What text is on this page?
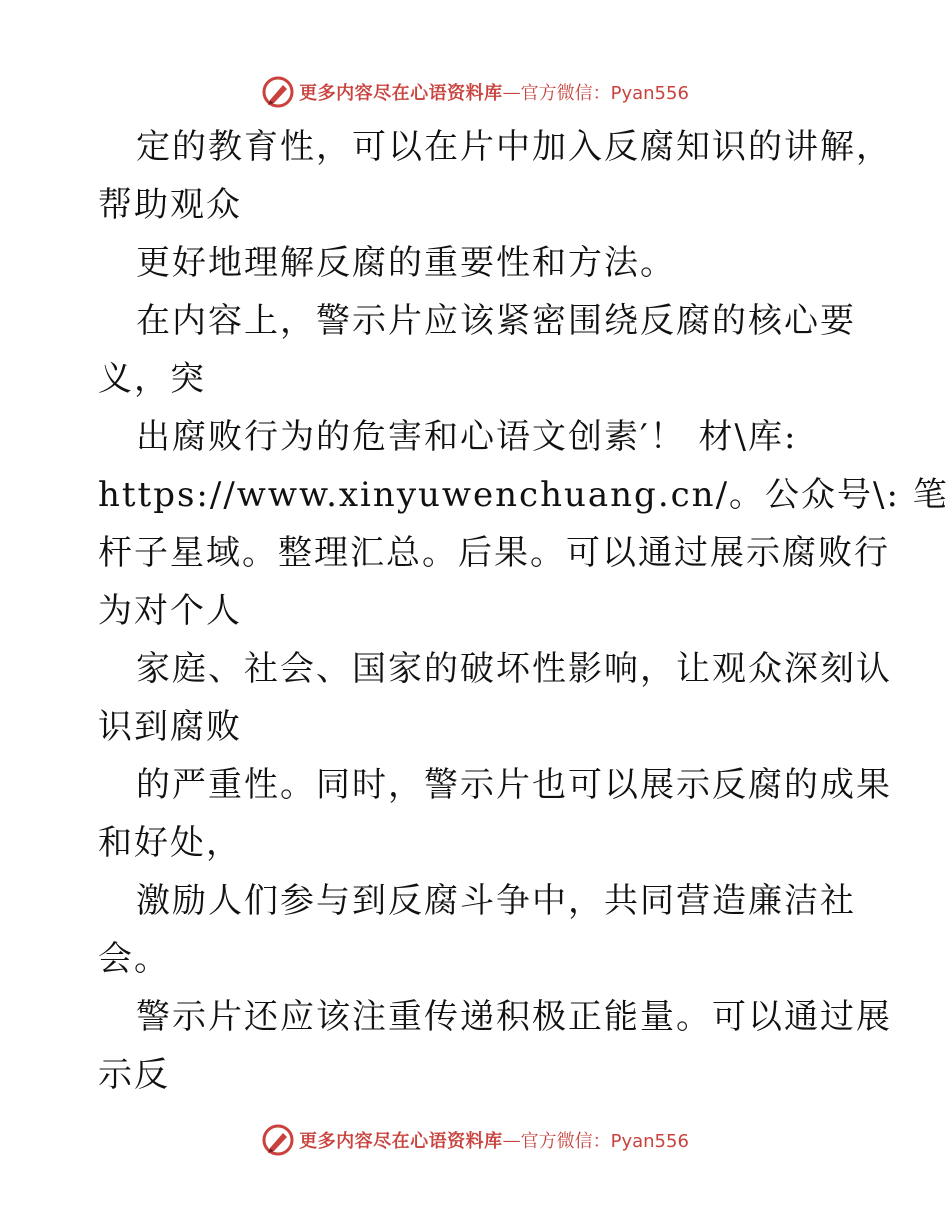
更多内容尽在心语资料库 — 官方微信：Pyan556
定的教育性，可以在片中加入反腐知识的讲解，
帮助观众
更好地理解反腐的重要性和方法。
在内容上，警示片应该紧密围绕反腐的核心要
义，突
出腐败行为的危害和心语文创素′！ 材\库:
https://www.xinyuwenchuang.cn/。公众号\: 笔
杆子星域。整理汇总。后果。可以通过展示腐败行
为对个人
家庭、社会、国家的破坏性影响，让观众深刻认
识到腐败
的严重性。同时，警示片也可以展示反腐的成果
和好处，
激励人们参与到反腐斗争中，共同营造廉洁社
会。
警示片还应该注重传递积极正能量。可以通过展
示反
更多内容尽在心语资料库 — 官方微信：Pyan556
